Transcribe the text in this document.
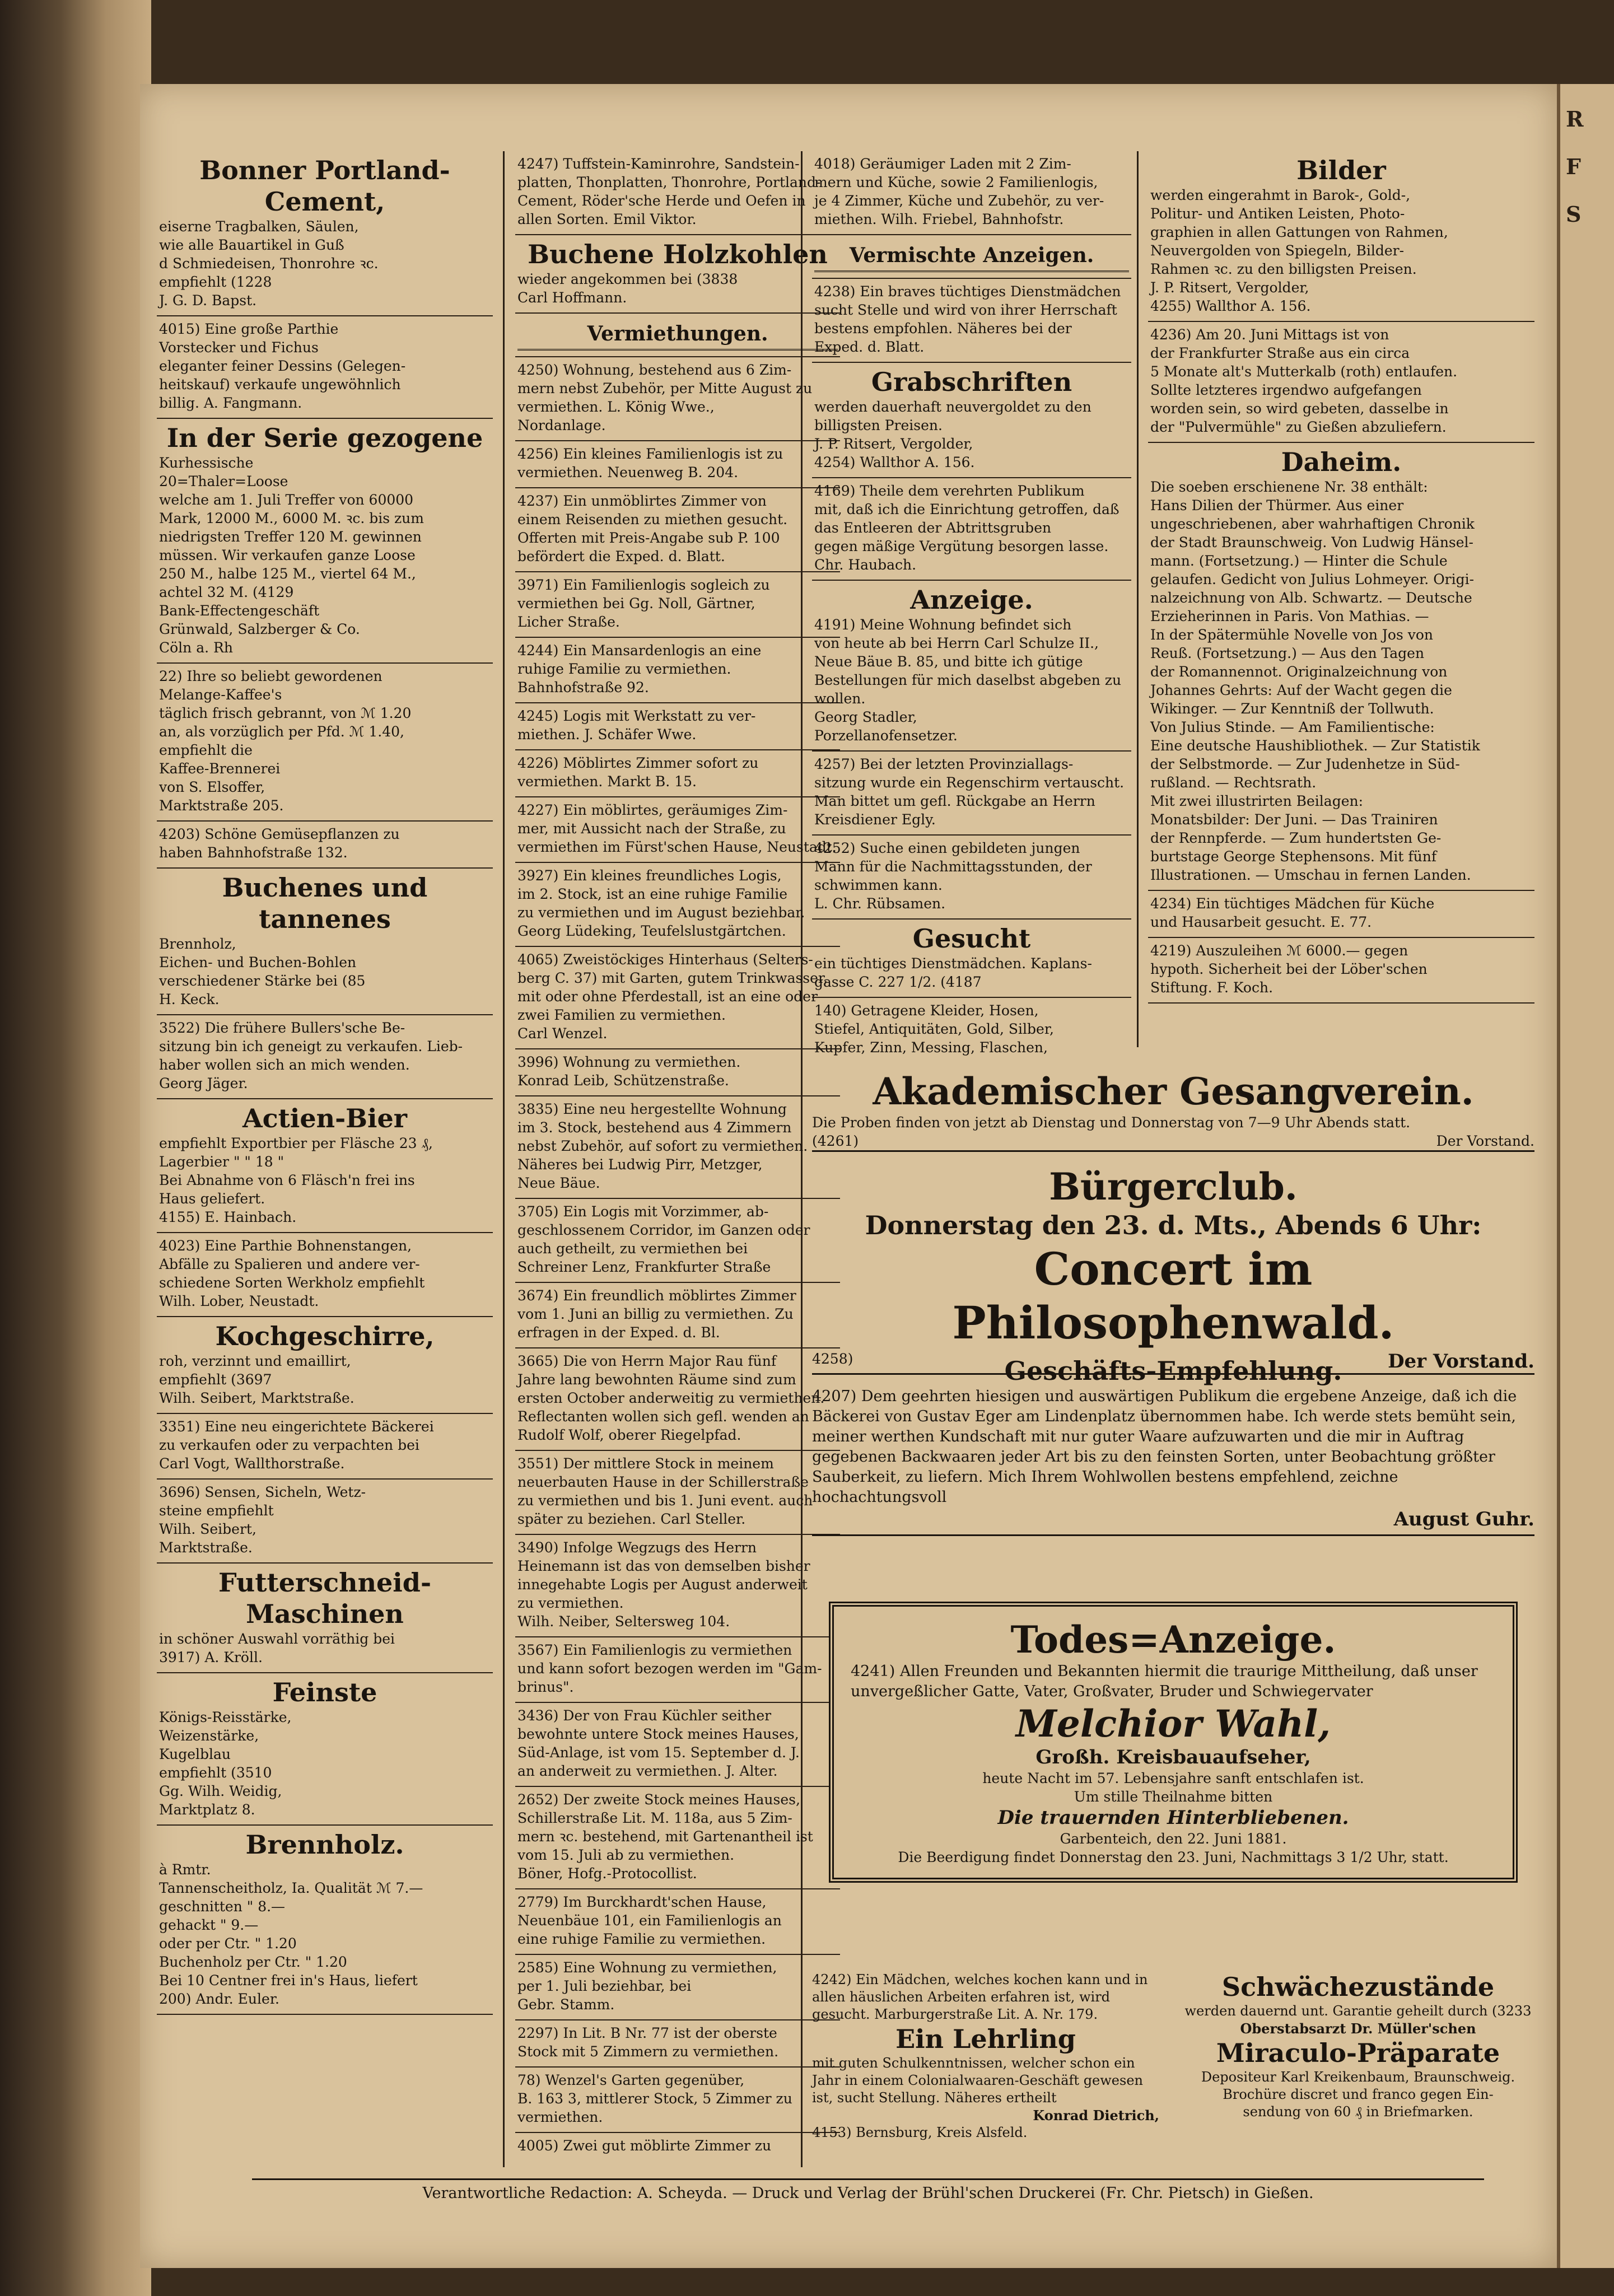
Bonner Portland-Cement,
eiserne Tragbalken, Säulen,
wie alle Bauartikel in Guß
d Schmiedeisen, Thonrohre ꝛc.
empfiehlt (1228
J. G. D. Bapst.
4015) Eine große Parthie
Vorstecker und Fichus
eleganter feiner Dessins (Gelegen-
heitskauf) verkaufe ungewöhnlich
billig. A. Fangmann.
In der Serie gezogene
Kurhessische
20=Thaler=Loose
welche am 1. Juli Treffer von 60000
Mark, 12000 M., 6000 M. ꝛc. bis zum
niedrigsten Treffer 120 M. gewinnen
müssen. Wir verkaufen ganze Loose
250 M., halbe 125 M., viertel 64 M.,
achtel 32 M. (4129
Bank-Effectengeschäft
Grünwald, Salzberger & Co.
Cöln a. Rh
22) Ihre so beliebt gewordenen
Melange-Kaffee's
täglich frisch gebrannt, von ℳ 1.20
an, als vorzüglich per Pfd. ℳ 1.40,
empfiehlt die
Kaffee-Brennerei
von S. Elsoffer,
Marktstraße 205.
4203) Schöne Gemüsepflanzen zu
haben Bahnhofstraße 132.
Buchenes und tannenes
Brennholz,
Eichen- und Buchen-Bohlen
verschiedener Stärke bei (85
H. Keck.
3522) Die frühere Bullers'sche Be-
sitzung bin ich geneigt zu verkaufen. Lieb-
haber wollen sich an mich wenden.
Georg Jäger.
Actien-Bier
empfiehlt Exportbier per Fläsche 23 ₰,
Lagerbier " " 18 "
Bei Abnahme von 6 Fläsch'n frei ins
Haus geliefert.
4155) E. Hainbach.
4023) Eine Parthie Bohnenstangen,
Abfälle zu Spalieren und andere ver-
schiedene Sorten Werkholz empfiehlt
Wilh. Lober, Neustadt.
Kochgeschirre,
roh, verzinnt und emaillirt,
empfiehlt (3697
Wilh. Seibert, Marktstraße.
3351) Eine neu eingerichtete Bäckerei
zu verkaufen oder zu verpachten bei
Carl Vogt, Wallthorstraße.
3696) Sensen, Sicheln, Wetz-
steine empfiehlt
Wilh. Seibert,
Marktstraße.
Futterschneid-Maschinen
in schöner Auswahl vorräthig bei
3917) A. Kröll.
Feinste
Königs-Reisstärke,
Weizenstärke,
Kugelblau
empfiehlt (3510
Gg. Wilh. Weidig,
Marktplatz 8.
Brennholz.
à Rmtr.
Tannenscheitholz, Ia. Qualität ℳ 7.—
geschnitten " 8.—
gehackt " 9.—
oder per Ctr. " 1.20
Buchenholz per Ctr. " 1.20
Bei 10 Centner frei in's Haus, liefert
200) Andr. Euler.
4247) Tuffstein-Kaminrohre, Sandstein-
platten, Thonplatten, Thonrohre, Portland-
Cement, Röder'sche Herde und Oefen in
allen Sorten. Emil Viktor.
Buchene Holzkohlen
wieder angekommen bei (3838
Carl Hoffmann.
Vermiethungen.
4250) Wohnung, bestehend aus 6 Zim-
mern nebst Zubehör, per Mitte August zu
vermiethen. L. König Wwe.,
Nordanlage.
4256) Ein kleines Familienlogis ist zu
vermiethen. Neuenweg B. 204.
4237) Ein unmöblirtes Zimmer von
einem Reisenden zu miethen gesucht.
Offerten mit Preis-Angabe sub P. 100
befördert die Exped. d. Blatt.
3971) Ein Familienlogis sogleich zu
vermiethen bei Gg. Noll, Gärtner,
Licher Straße.
4244) Ein Mansardenlogis an eine
ruhige Familie zu vermiethen.
Bahnhofstraße 92.
4245) Logis mit Werkstatt zu ver-
miethen. J. Schäfer Wwe.
4226) Möblirtes Zimmer sofort zu
vermiethen. Markt B. 15.
4227) Ein möblirtes, geräumiges Zim-
mer, mit Aussicht nach der Straße, zu
vermiethen im Fürst'schen Hause, Neustadt.
3927) Ein kleines freundliches Logis,
im 2. Stock, ist an eine ruhige Familie
zu vermiethen und im August beziehbar.
Georg Lüdeking, Teufelslustgärtchen.
4065) Zweistöckiges Hinterhaus (Selters-
berg C. 37) mit Garten, gutem Trinkwasser,
mit oder ohne Pferdestall, ist an eine oder
zwei Familien zu vermiethen.
Carl Wenzel.
3996) Wohnung zu vermiethen.
Konrad Leib, Schützenstraße.
3835) Eine neu hergestellte Wohnung
im 3. Stock, bestehend aus 4 Zimmern
nebst Zubehör, auf sofort zu vermiethen.
Näheres bei Ludwig Pirr, Metzger,
Neue Bäue.
3705) Ein Logis mit Vorzimmer, ab-
geschlossenem Corridor, im Ganzen oder
auch getheilt, zu vermiethen bei
Schreiner Lenz, Frankfurter Straße
3674) Ein freundlich möblirtes Zimmer
vom 1. Juni an billig zu vermiethen. Zu
erfragen in der Exped. d. Bl.
3665) Die von Herrn Major Rau fünf
Jahre lang bewohnten Räume sind zum
ersten October anderweitig zu vermiethen.
Reflectanten wollen sich gefl. wenden an
Rudolf Wolf, oberer Riegelpfad.
3551) Der mittlere Stock in meinem
neuerbauten Hause in der Schillerstraße
zu vermiethen und bis 1. Juni event. auch
später zu beziehen. Carl Steller.
3490) Infolge Wegzugs des Herrn
Heinemann ist das von demselben bisher
innegehabte Logis per August anderweit
zu vermiethen.
Wilh. Neiber, Seltersweg 104.
3567) Ein Familienlogis zu vermiethen
und kann sofort bezogen werden im "Gam-
brinus".
3436) Der von Frau Küchler seither
bewohnte untere Stock meines Hauses,
Süd-Anlage, ist vom 15. September d. J.
an anderweit zu vermiethen. J. Alter.
2652) Der zweite Stock meines Hauses,
Schillerstraße Lit. M. 118a, aus 5 Zim-
mern ꝛc. bestehend, mit Gartenantheil ist
vom 15. Juli ab zu vermiethen.
Böner, Hofg.-Protocollist.
2779) Im Burckhardt'schen Hause,
Neuenbäue 101, ein Familienlogis an
eine ruhige Familie zu vermiethen.
2585) Eine Wohnung zu vermiethen,
per 1. Juli beziehbar, bei
Gebr. Stamm.
2297) In Lit. B Nr. 77 ist der oberste
Stock mit 5 Zimmern zu vermiethen.
78) Wenzel's Garten gegenüber,
B. 163 3, mittlerer Stock, 5 Zimmer zu
vermiethen.
4005) Zwei gut möblirte Zimmer zu
4018) Geräumiger Laden mit 2 Zim-
mern und Küche, sowie 2 Familienlogis,
je 4 Zimmer, Küche und Zubehör, zu ver-
miethen. Wilh. Friebel, Bahnhofstr.
Vermischte Anzeigen.
4238) Ein braves tüchtiges Dienstmädchen
sucht Stelle und wird von ihrer Herrschaft
bestens empfohlen. Näheres bei der
Exped. d. Blatt.
Grabschriften
werden dauerhaft neuvergoldet zu den
billigsten Preisen.
J. P. Ritsert, Vergolder,
4254) Wallthor A. 156.
4169) Theile dem verehrten Publikum
mit, daß ich die Einrichtung getroffen, daß
das Entleeren der Abtrittsgruben
gegen mäßige Vergütung besorgen lasse.
Chr. Haubach.
Anzeige.
4191) Meine Wohnung befindet sich
von heute ab bei Herrn Carl Schulze II.,
Neue Bäue B. 85, und bitte ich gütige
Bestellungen für mich daselbst abgeben zu
wollen.
Georg Stadler,
Porzellanofensetzer.
4257) Bei der letzten Provinziallags-
sitzung wurde ein Regenschirm vertauscht.
Man bittet um gefl. Rückgabe an Herrn
Kreisdiener Egly.
4252) Suche einen gebildeten jungen
Mann für die Nachmittagsstunden, der
schwimmen kann.
L. Chr. Rübsamen.
Gesucht
ein tüchtiges Dienstmädchen. Kaplans-
gasse C. 227 1/2. (4187
140) Getragene Kleider, Hosen,
Stiefel, Antiquitäten, Gold, Silber,
Kupfer, Zinn, Messing, Flaschen,
Bilder
werden eingerahmt in Barok-, Gold-,
Politur- und Antiken Leisten, Photo-
graphien in allen Gattungen von Rahmen,
Neuvergolden von Spiegeln, Bilder-
Rahmen ꝛc. zu den billigsten Preisen.
J. P. Ritsert, Vergolder,
4255) Wallthor A. 156.
4236) Am 20. Juni Mittags ist von
der Frankfurter Straße aus ein circa
5 Monate alt's Mutterkalb (roth) entlaufen.
Sollte letzteres irgendwo aufgefangen
worden sein, so wird gebeten, dasselbe in
der "Pulvermühle" zu Gießen abzuliefern.
Daheim.
Die soeben erschienene Nr. 38 enthält:
Hans Dilien der Thürmer. Aus einer
ungeschriebenen, aber wahrhaftigen Chronik
der Stadt Braunschweig. Von Ludwig Hänsel-
mann. (Fortsetzung.) — Hinter die Schule
gelaufen. Gedicht von Julius Lohmeyer. Origi-
nalzeichnung von Alb. Schwartz. — Deutsche
Erzieherinnen in Paris. Von Mathias. —
In der Spätermühle Novelle von Jos von
Reuß. (Fortsetzung.) — Aus den Tagen
der Romannennot. Originalzeichnung von
Johannes Gehrts: Auf der Wacht gegen die
Wikinger. — Zur Kenntniß der Tollwuth.
Von Julius Stinde. — Am Familientische:
Eine deutsche Haushibliothek. — Zur Statistik
der Selbstmorde. — Zur Judenhetze in Süd-
rußland. — Rechtsrath.
Mit zwei illustrirten Beilagen:
Monatsbilder: Der Juni. — Das Trainiren
der Rennpferde. — Zum hundertsten Ge-
burtstage George Stephensons. Mit fünf
Illustrationen. — Umschau in fernen Landen.
4234) Ein tüchtiges Mädchen für Küche
und Hausarbeit gesucht. E. 77.
4219) Auszuleihen ℳ 6000.— gegen
hypoth. Sicherheit bei der Löber'schen
Stiftung. F. Koch.
Akademischer Gesangverein.
Die Proben finden von jetzt ab Dienstag und Donnerstag von 7—9 Uhr Abends statt.
(4261)	Der Vorstand.
Bürgerclub.
Donnerstag den 23. d. Mts., Abends 6 Uhr:
Concert im Philosophenwald.
4258)	Der Vorstand.
Geschäfts-Empfehlung.
4207) Dem geehrten hiesigen und auswärtigen Publikum die ergebene Anzeige, daß ich die Bäckerei von Gustav Eger am Lindenplatz übernommen habe. Ich werde stets bemüht sein, meiner werthen Kundschaft mit nur guter Waare aufzuwarten und die mir in Auftrag gegebenen Backwaaren jeder Art bis zu den feinsten Sorten, unter Beobachtung größter Sauberkeit, zu liefern. Mich Ihrem Wohlwollen bestens empfehlend, zeichne hochachtungsvoll
August Guhr.
Todes=Anzeige.
4241) Allen Freunden und Bekannten hiermit die traurige Mittheilung, daß unser unvergeßlicher Gatte, Vater, Großvater, Bruder und Schwiegervater
Melchior Wahl,
Großh. Kreisbauaufseher,
heute Nacht im 57. Lebensjahre sanft entschlafen ist.
Um stille Theilnahme bitten
Die trauernden Hinterbliebenen.
Garbenteich, den 22. Juni 1881.
Die Beerdigung findet Donnerstag den 23. Juni, Nachmittags 3 1/2 Uhr, statt.
4242) Ein Mädchen, welches kochen kann und in allen häuslichen Arbeiten erfahren ist, wird gesucht. Marburgerstraße Lit. A. Nr. 179.
Ein Lehrling
mit guten Schulkenntnissen, welcher schon ein Jahr in einem Colonialwaaren-Geschäft gewesen ist, sucht Stellung. Näheres ertheilt
Konrad Dietrich,
4153) Bernsburg, Kreis Alsfeld.
Schwächezustände
werden dauernd unt. Garantie geheilt durch (3233
Oberstabsarzt Dr. Müller'schen
Miraculo-Präparate
Depositeur Karl Kreikenbaum, Braunschweig.
Brochüre discret und franco gegen Ein-
sendung von 60 ₰ in Briefmarken.
Verantwortliche Redaction: A. Scheyda. — Druck und Verlag der Brühl'schen Druckerei (Fr. Chr. Pietsch) in Gießen.
R
F
S
